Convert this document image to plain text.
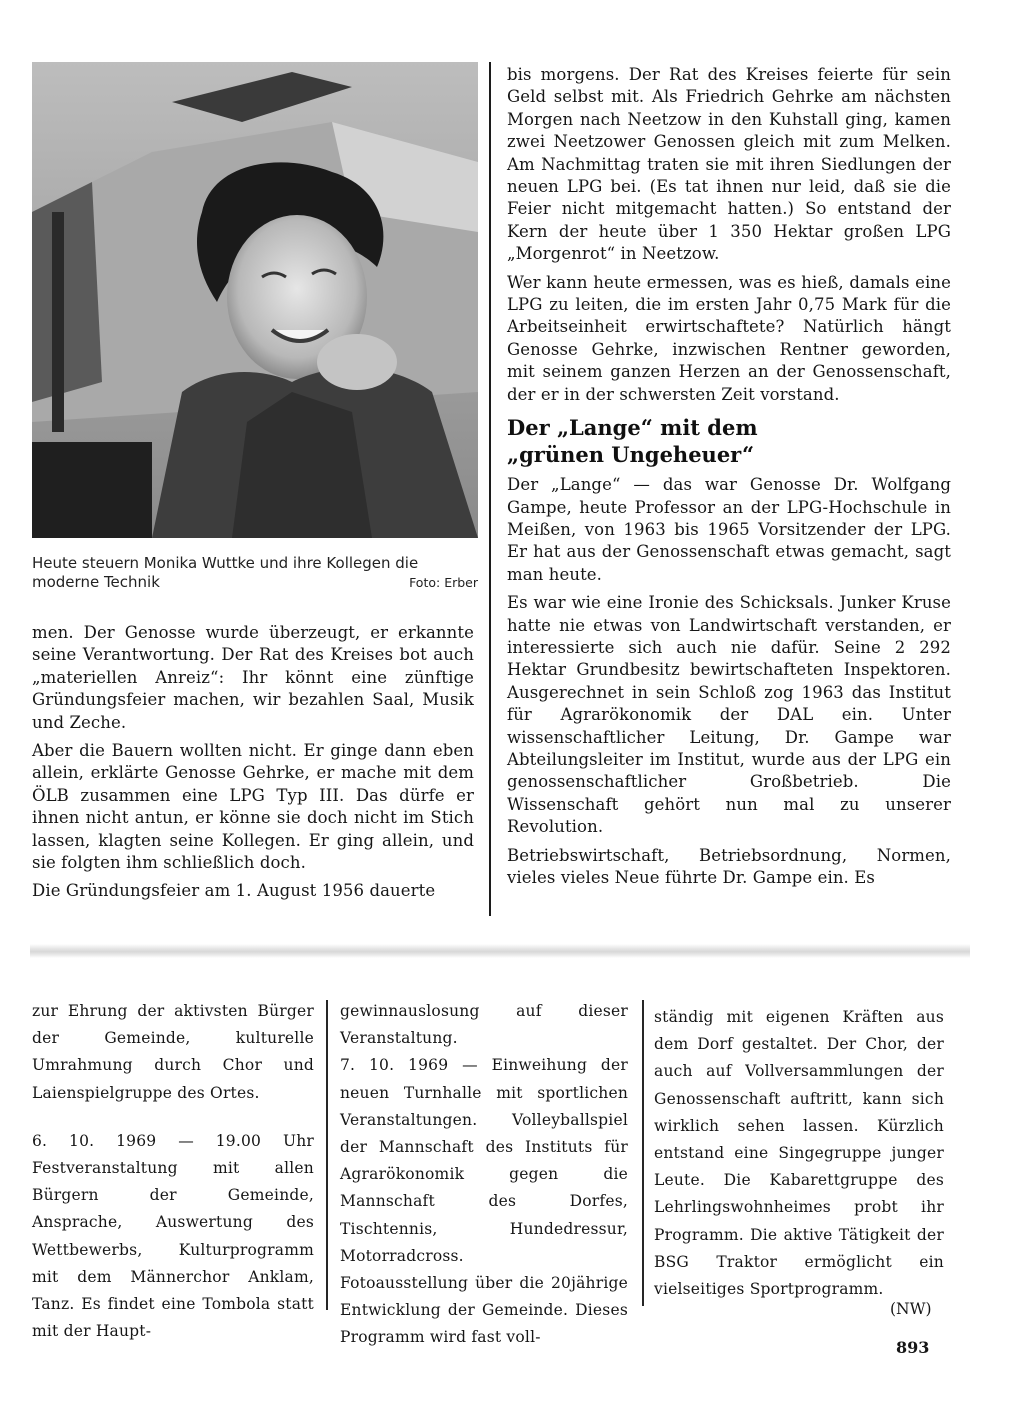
Heute steuern Monika Wuttke und ihre Kollegen die moderne Technik	Foto: Erber

men. Der Genosse wurde überzeugt, er erkannte seine Verantwortung. Der Rat des Kreises bot auch „materiellen Anreiz“: Ihr könnt eine zünftige Gründungsfeier machen, wir bezahlen Saal, Musik und Zeche.

Aber die Bauern wollten nicht. Er ginge dann eben allein, erklärte Genosse Gehrke, er mache mit dem ÖLB zusammen eine LPG Typ III. Das dürfe er ihnen nicht antun, er könne sie doch nicht im Stich lassen, klagten seine Kollegen. Er ging allein, und sie folgten ihm schließlich doch.

Die Gründungsfeier am 1. August 1956 dauerte

bis morgens. Der Rat des Kreises feierte für sein Geld selbst mit. Als Friedrich Gehrke am nächsten Morgen nach Neetzow in den Kuhstall ging, kamen zwei Neetzower Genossen gleich mit zum Melken. Am Nachmittag traten sie mit ihren Siedlungen der neuen LPG bei. (Es tat ihnen nur leid, daß sie die Feier nicht mitgemacht hatten.) So entstand der Kern der heute über 1 350 Hektar großen LPG „Morgenrot“ in Neetzow.

Wer kann heute ermessen, was es hieß, damals eine LPG zu leiten, die im ersten Jahr 0,75 Mark für die Arbeitseinheit erwirtschaftete? Natürlich hängt Genosse Gehrke, inzwischen Rentner geworden, mit seinem ganzen Herzen an der Genossenschaft, der er in der schwersten Zeit vorstand.

Der „Lange“ mit dem
„grünen Ungeheuer“

Der „Lange“ — das war Genosse Dr. Wolfgang Gampe, heute Professor an der LPG-Hochschule in Meißen, von 1963 bis 1965 Vorsitzender der LPG. Er hat aus der Genossenschaft etwas gemacht, sagt man heute.

Es war wie eine Ironie des Schicksals. Junker Kruse hatte nie etwas von Landwirtschaft verstanden, er interessierte sich auch nie dafür. Seine 2 292 Hektar Grundbesitz bewirtschafteten Inspektoren. Ausgerechnet in sein Schloß zog 1963 das Institut für Agrarökonomik der DAL ein. Unter wissenschaftlicher Leitung, Dr. Gampe war Abteilungsleiter im Institut, wurde aus der LPG ein genossenschaftlicher Großbetrieb. Die Wissenschaft gehört nun mal zu unserer Revolution.

Betriebswirtschaft, Betriebsordnung, Normen, vieles vieles Neue führte Dr. Gampe ein. Es

zur Ehrung der aktivsten Bürger der Gemeinde, kulturelle Umrahmung durch Chor und Laienspielgruppe des Ortes.

6. 10. 1969 — 19.00 Uhr Festveranstaltung mit allen Bürgern der Gemeinde, Ansprache, Auswertung des Wettbewerbs, Kulturprogramm mit dem Männerchor Anklam, Tanz. Es findet eine Tombola statt mit der Haupt-

gewinnauslosung auf dieser Veranstaltung.

7. 10. 1969 — Einweihung der neuen Turnhalle mit sportlichen Veranstaltungen. Volleyballspiel der Mannschaft des Instituts für Agrarökonomik gegen die Mannschaft des Dorfes, Tischtennis, Hundedressur, Motorradcross.

Fotoausstellung über die 20jährige Entwicklung der Gemeinde. Dieses Programm wird fast voll-

ständig mit eigenen Kräften aus dem Dorf gestaltet. Der Chor, der auch auf Vollversammlungen der Genossenschaft auftritt, kann sich wirklich sehen lassen. Kürzlich entstand eine Singegruppe junger Leute. Die Kabarettgruppe des Lehrlingswohnheimes probt ihr Programm. Die aktive Tätigkeit der BSG Traktor ermöglicht ein vielseitiges Sportprogramm.

(NW)
893
